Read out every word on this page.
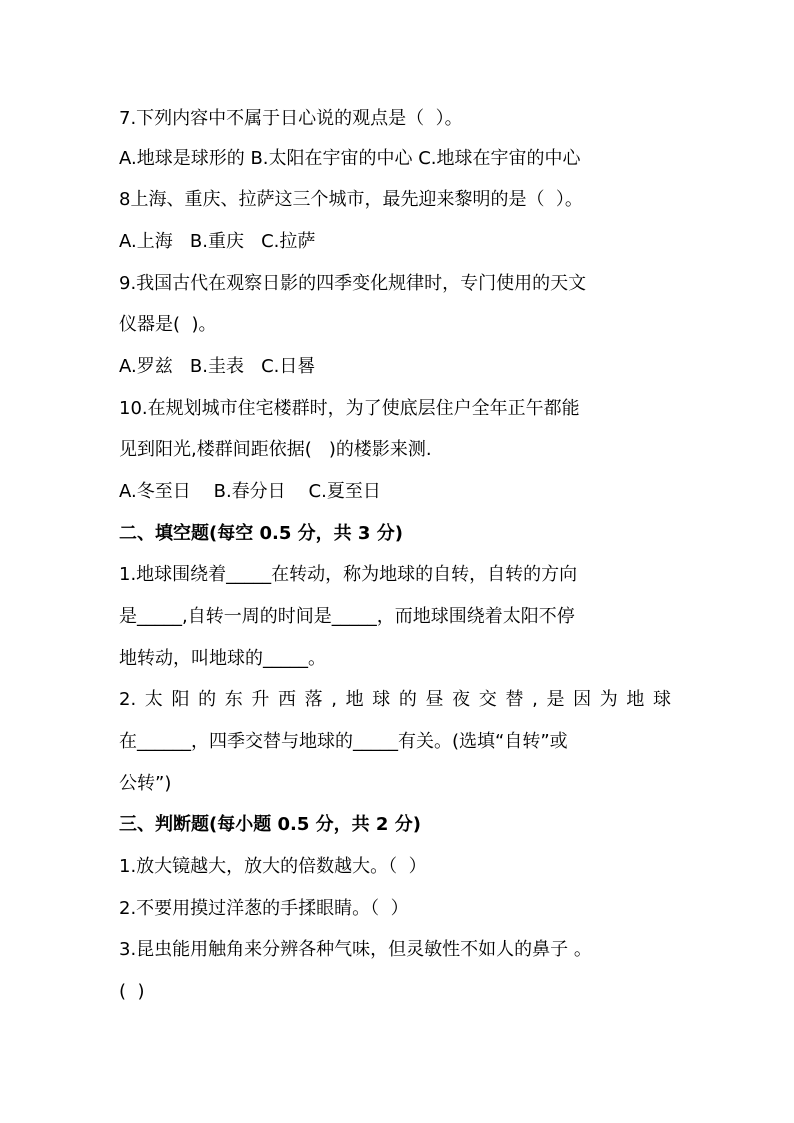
7.下列内容中不属于日心说的观点是（  ）。
A.地球是球形的 B.太阳在宇宙的中心 C.地球在宇宙的中心
8上海、重庆、拉萨这三个城市，最先迎来黎明的是（  ）。
A.上海   B.重庆   C.拉萨
9.我国古代在观察日影的四季变化规律时，专门使用的天文
仪器是(  )。
A.罗兹   B.圭表   C.日晷
10.在规划城市住宅楼群时，为了使底层住户全年正午都能
见到阳光,楼群间距依据(   )的楼影来测.
A.冬至日    B.春分日    C.夏至日
二、填空题(每空 0.5 分，共 3 分)
1.地球围绕着_____在转动，称为地球的自转，自转的方向
是_____,自转一周的时间是_____，而地球围绕着太阳不停
地转动，叫地球的_____。
2.太阳的东升西落,地球的昼夜交替,是因为地球
在______，四季交替与地球的_____有关。(选填“自转”或
公转”)
三、判断题(每小题 0.5 分，共 2 分)
1.放大镜越大，放大的倍数越大。（  ）
2.不要用摸过洋葱的手揉眼睛。（  ）
3.昆虫能用触角来分辨各种气味，但灵敏性不如人的鼻子 。
(  )
